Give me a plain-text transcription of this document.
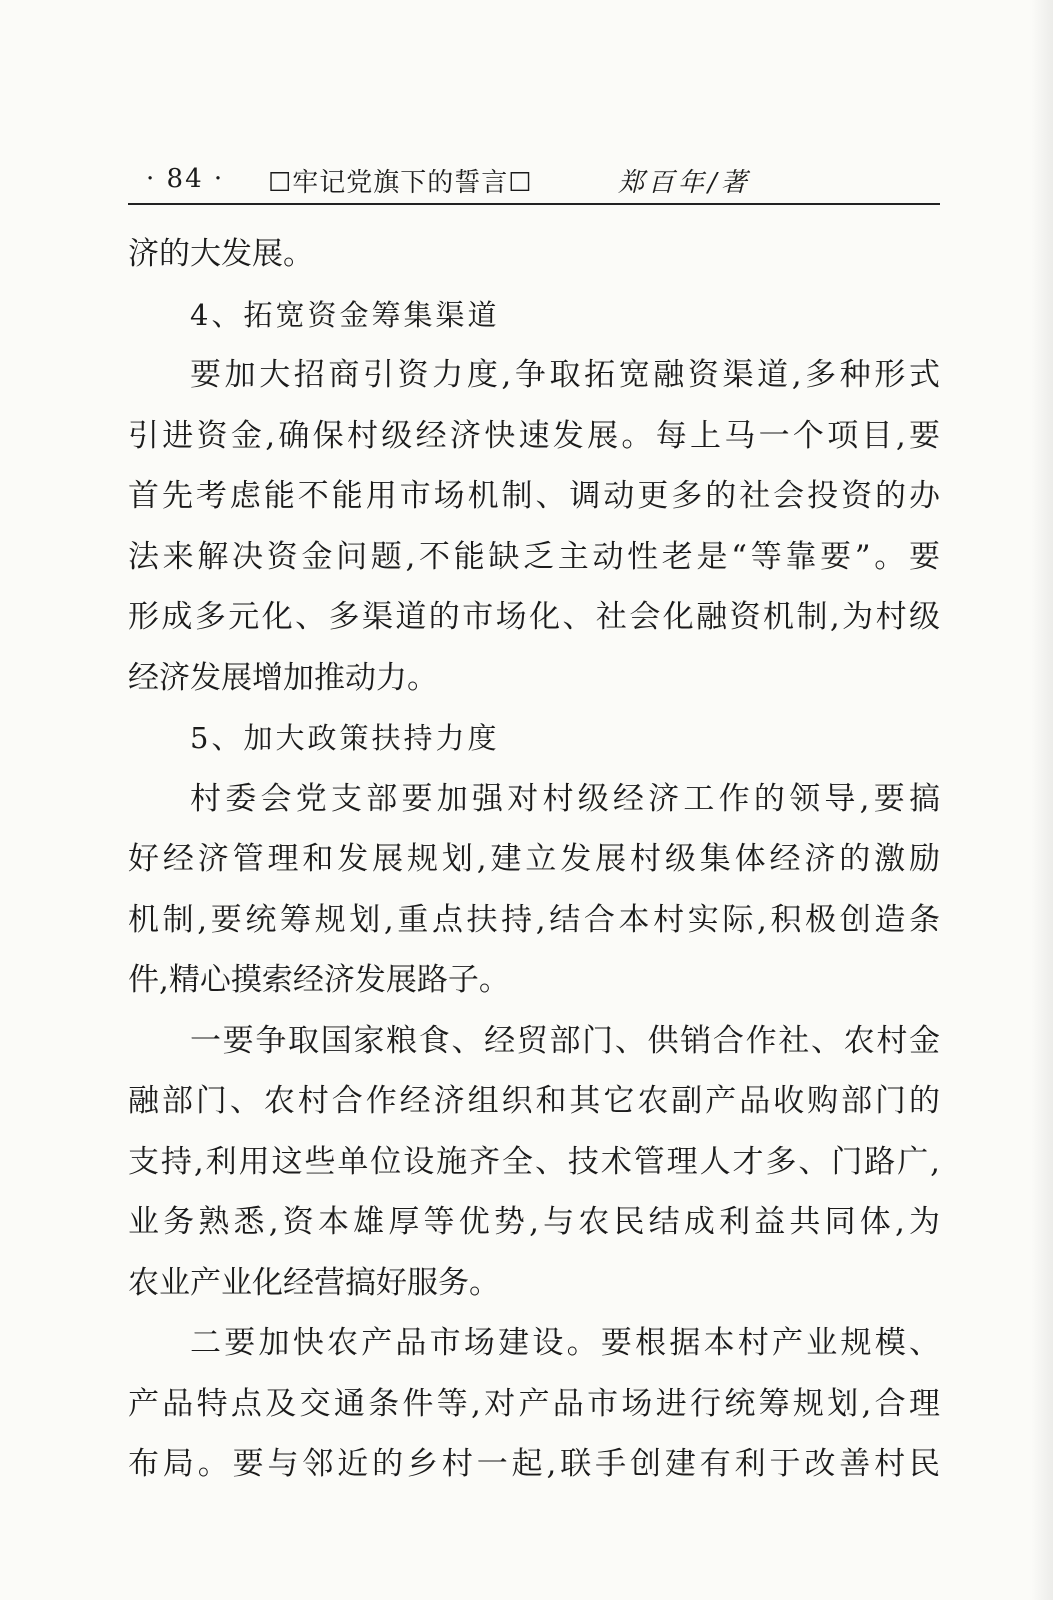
· 84 · ☐牢记党旗下的誓言☐	郑百年/著
济的大发展。
4、拓宽资金筹集渠道
要加大招商引资力度,争取拓宽融资渠道,多种形式
引进资金,确保村级经济快速发展。每上马一个项目,要
首先考虑能不能用市场机制、调动更多的社会投资的办
法来解决资金问题,不能缺乏主动性老是“等靠要”。要
形成多元化、多渠道的市场化、社会化融资机制,为村级
经济发展增加推动力。
5、加大政策扶持力度
村委会党支部要加强对村级经济工作的领导,要搞
好经济管理和发展规划,建立发展村级集体经济的激励
机制,要统筹规划,重点扶持,结合本村实际,积极创造条
件,精心摸索经济发展路子。
一要争取国家粮食、经贸部门、供销合作社、农村金
融部门、农村合作经济组织和其它农副产品收购部门的
支持,利用这些单位设施齐全、技术管理人才多、门路广,
业务熟悉,资本雄厚等优势,与农民结成利益共同体,为
农业产业化经营搞好服务。
二要加快农产品市场建设。要根据本村产业规模、
产品特点及交通条件等,对产品市场进行统筹规划,合理
布局。要与邻近的乡村一起,联手创建有利于改善村民
